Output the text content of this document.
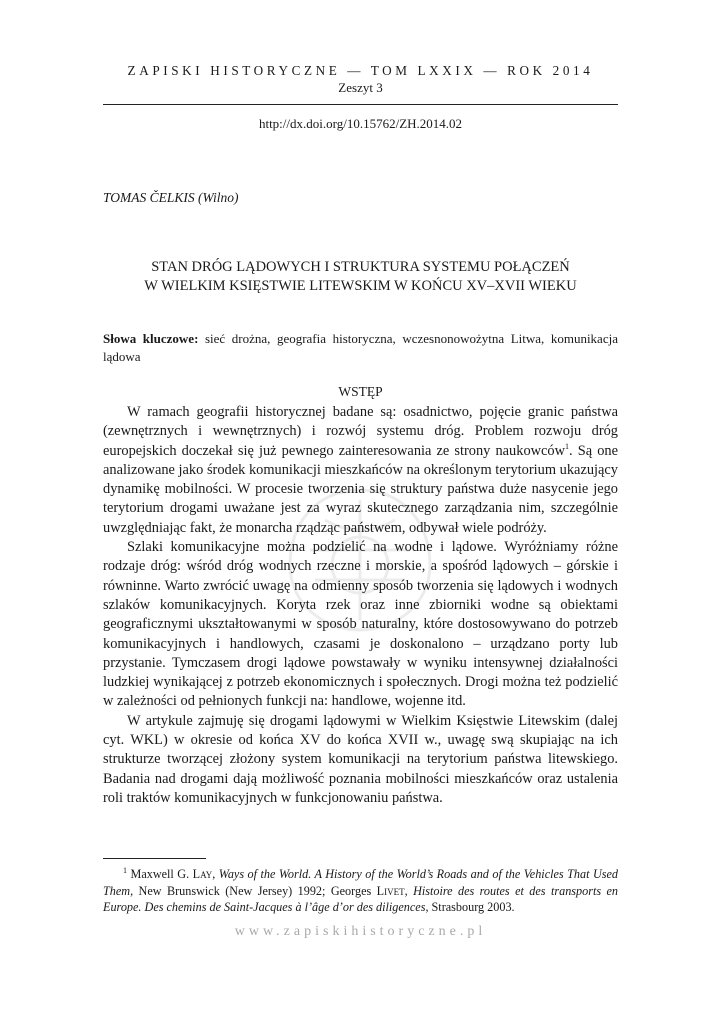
ZAPISKI HISTORYCZNE — TOM LXXIX — ROK 2014
Zeszyt 3
http://dx.doi.org/10.15762/ZH.2014.02
TOMAS ČELKIS (Wilno)
STAN DRÓG LĄDOWYCH I STRUKTURA SYSTEMU POŁĄCZEŃ
W WIELKIM KSIĘSTWIE LITEWSKIM W KOŃCU XV–XVII WIEKU
Słowa kluczowe: sieć drożna, geografia historyczna, wczesnonowożytna Litwa, komunikacja lądowa
WSTĘP

W ramach geografii historycznej badane są: osadnictwo, pojęcie granic państwa (zewnętrznych i wewnętrznych) i rozwój systemu dróg. Problem rozwoju dróg europejskich doczekał się już pewnego zainteresowania ze strony naukowców$^1$. Są one analizowane jako środek komunikacji mieszkańców na określonym terytorium ukazujący dynamikę mobilności. W procesie tworzenia się struktury państwa duże nasycenie jego terytorium drogami uważane jest za wyraz skutecznego zarządzania nim, szczególnie uwzględniając fakt, że monarcha rządząc państwem, odbywał wiele podróży.

Szlaki komunikacyjne można podzielić na wodne i lądowe. Wyróżniamy różne rodzaje dróg: wśród dróg wodnych rzeczne i morskie, a spośród lądowych – górskie i równinne. Warto zwrócić uwagę na odmienny sposób tworzenia się lądowych i wodnych szlaków komunikacyjnych. Koryta rzek oraz inne zbiorniki wodne są obiektami geograficznymi ukształtowanymi w sposób naturalny, które dostosowywano do potrzeb komunikacyjnych i handlowych, czasami je doskonalono – urządzano porty lub przystanie. Tymczasem drogi lądowe powstawały w wyniku intensywnej działalności ludzkiej wynikającej z potrzeb ekonomicznych i społecznych. Drogi można też podzielić w zależności od pełnionych funkcji na: handlowe, wojenne itd.

W artykule zajmuję się drogami lądowymi w Wielkim Księstwie Litewskim (dalej cyt. WKL) w okresie od końca XV do końca XVII w., uwagę swą skupiając na ich strukturze tworzącej złożony system komunikacji na terytorium państwa litewskiego. Badania nad drogami dają możliwość poznania mobilności mieszkańców oraz ustalenia roli traktów komunikacyjnych w funkcjonowaniu państwa.

$^1$ Maxwell G. Lay, Ways of the World. A History of the World’s Roads and of the Vehicles That Used Them, New Brunswick (New Jersey) 1992; Georges Livet, Histoire des routes et des transports en Europe. Des chemins de Saint-Jacques à l’âge d’or des diligences, Strasbourg 2003.
www.zapiskihistoryczne.pl
